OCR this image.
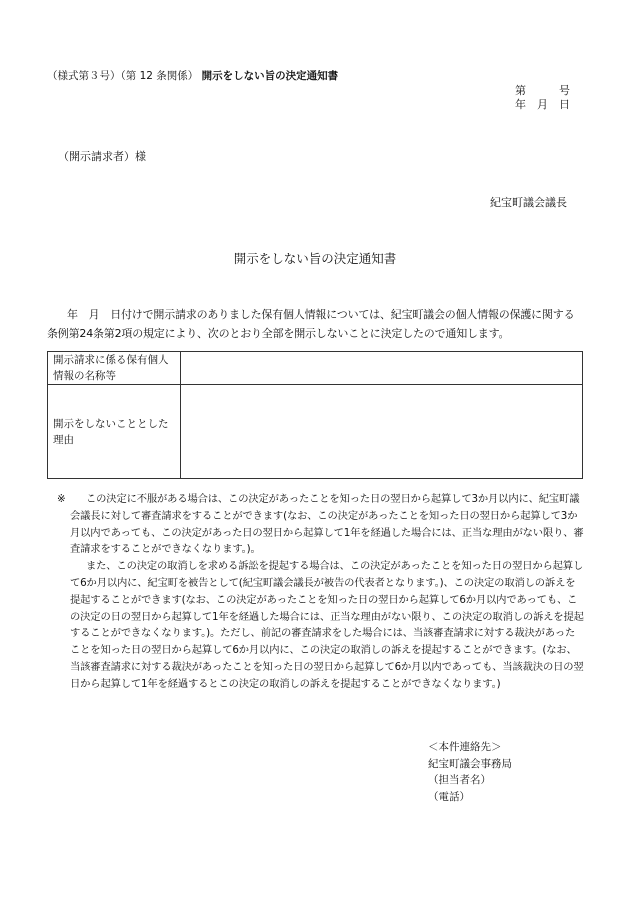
（様式第３号）（第 12 条関係） 開示をしない旨の決定通知書
第　　　号
年　月　日
（開示請求者）様
紀宝町議会議長
開示をしない旨の決定通知書
年　月　日付けで開示請求のありました保有個人情報については、紀宝町議会の個人情報の保護に関する条例第24条第2項の規定により、次のとおり全部を開示しないことに決定したので通知します。
開示請求に係る保有個人情報の名称等	
開示をしないこととした理由	

※ この決定に不服がある場合は、この決定があったことを知った日の翌日から起算して3か月以内に、紀宝町議会議長に対して審査請求をすることができます(なお、この決定があったことを知った日の翌日から起算して3か月以内であっても、この決定があった日の翌日から起算して1年を経過した場合には、正当な理由がない限り、審査請求をすることができなくなります。)。

また、この決定の取消しを求める訴訟を提起する場合は、この決定があったことを知った日の翌日から起算して6か月以内に、紀宝町を被告として(紀宝町議会議長が被告の代表者となります。)、この決定の取消しの訴えを提起することができます(なお、この決定があったことを知った日の翌日から起算して6か月以内であっても、この決定の日の翌日から起算して1年を経過した場合には、正当な理由がない限り、この決定の取消しの訴えを提起することができなくなります。)。ただし、前記の審査請求をした場合には、当該審査請求に対する裁決があったことを知った日の翌日から起算して6か月以内に、この決定の取消しの訴えを提起することができます。(なお、当該審査請求に対する裁決があったことを知った日の翌日から起算して6か月以内であっても、当該裁決の日の翌日から起算して1年を経過するとこの決定の取消しの訴えを提起することができなくなります。)

＜本件連絡先＞
紀宝町議会事務局
（担当者名）
（電話）
